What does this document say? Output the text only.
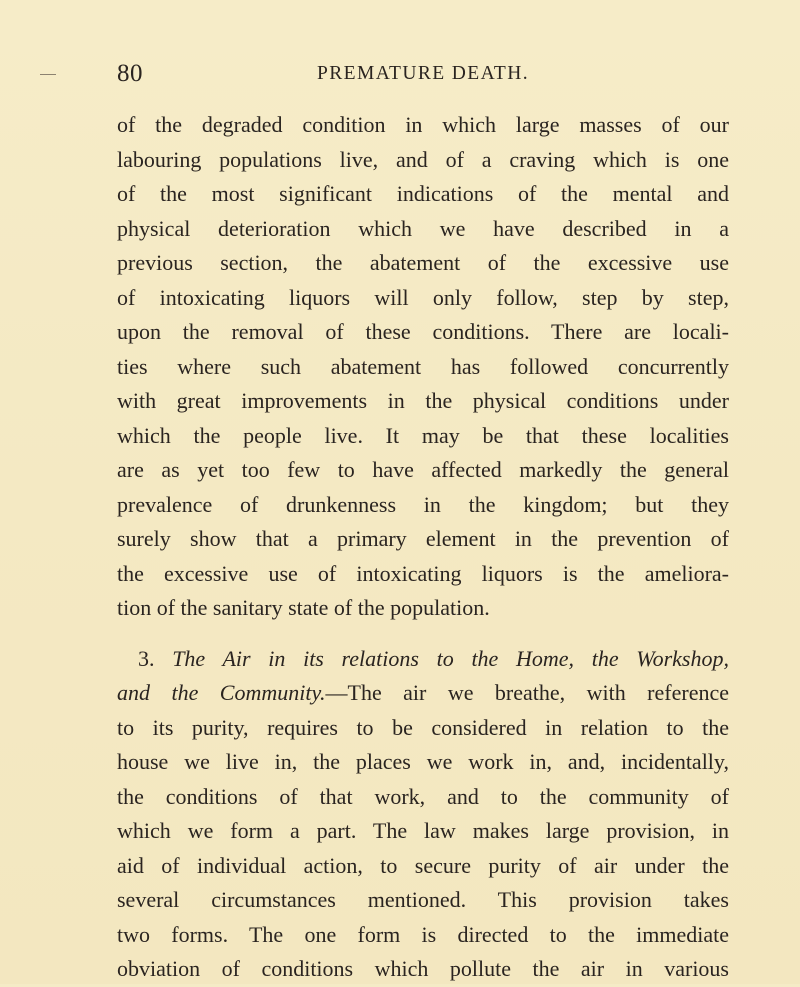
80	PREMATURE DEATH.
of the degraded condition in which large masses of our
labouring populations live, and of a craving which is one
of the most significant indications of the mental and
physical deterioration which we have described in a
previous section, the abatement of the excessive use
of intoxicating liquors will only follow, step by step,
upon the removal of these conditions. There are locali-
ties where such abatement has followed concurrently
with great improvements in the physical conditions under
which the people live. It may be that these localities
are as yet too few to have affected markedly the general
prevalence of drunkenness in the kingdom; but they
surely show that a primary element in the prevention of
the excessive use of intoxicating liquors is the ameliora-
tion of the sanitary state of the population.
3. The Air in its relations to the Home, the Workshop,
and the Community.—The air we breathe, with reference
to its purity, requires to be considered in relation to the
house we live in, the places we work in, and, incidentally,
the conditions of that work, and to the community of
which we form a part. The law makes large provision, in
aid of individual action, to secure purity of air under the
several circumstances mentioned. This provision takes
two forms. The one form is directed to the immediate
obviation of conditions which pollute the air in various
